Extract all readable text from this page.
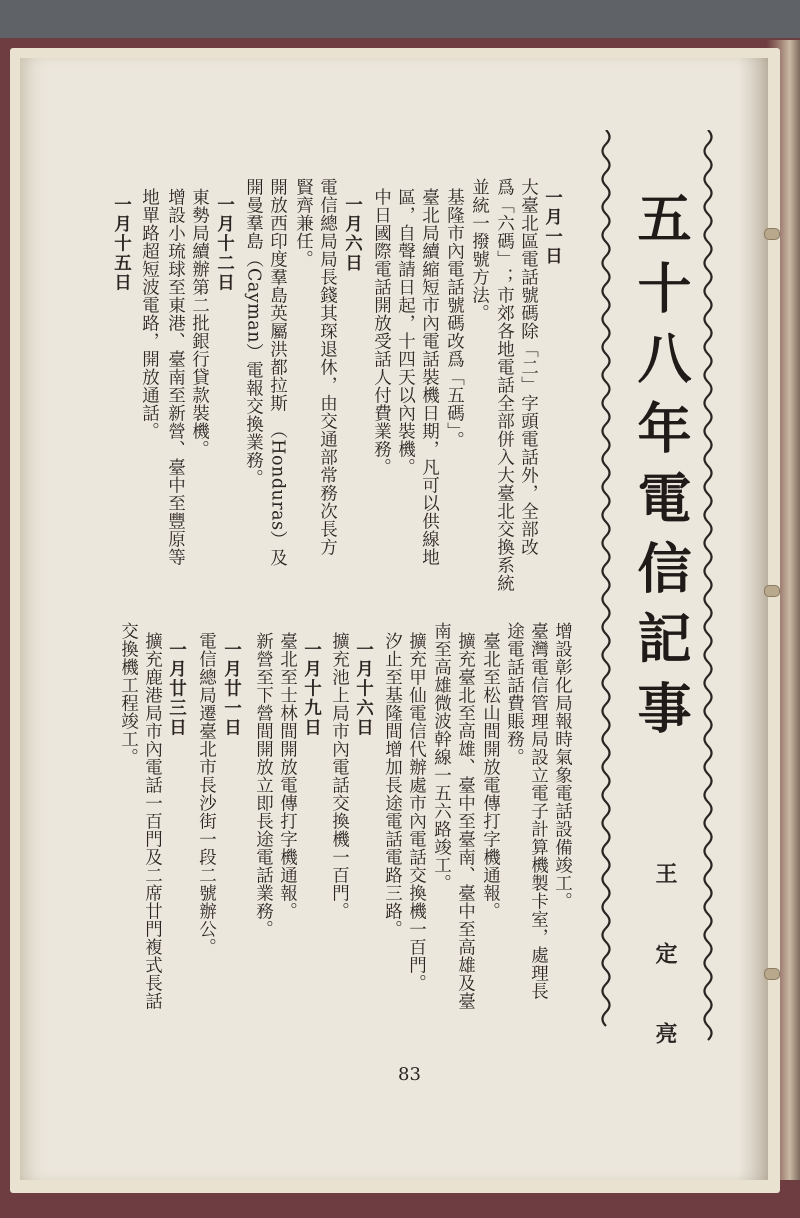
五十八年電信記事
王　定　亮
83
一月一日
大臺北區電話號碼除「二」字頭電話外，全部改
爲「六碼」；市郊各地電話全部併入大臺北交換系統
並統一撥號方法。
基隆市內電話號碼改爲「五碼」。
臺北局續縮短市內電話裝機日期，凡可以供線地
區，自聲請日起，十四天以內裝機。
中日國際電話開放受話人付費業務。
一月六日
電信總局局長錢其琛退休，由交通部常務次長方
賢齊兼任。
開放西印度羣島英屬洪都拉斯　（Honduras）及
開曼羣島（Cayman）電報交換業務。
一月十二日
東勢局續辦第二批銀行貸款裝機。
增設小琉球至東港、臺南至新營、臺中至豐原等
地單路超短波電路，開放通話。
一月十五日
增設彰化局報時氣象電話設備竣工。
臺灣電信管理局設立電子計算機製卡室，處理長
途電話話費賬務。
臺北至松山間開放電傳打字機通報。
擴充臺北至高雄、臺中至臺南、臺中至高雄及臺
南至高雄微波幹線一五六路竣工。
擴充甲仙電信代辦處市內電話交換機一百門。
汐止至基隆間增加長途電話電路三路。
一月十六日
擴充池上局市內電話交換機一百門。
一月十九日
臺北至士林間開放電傳打字機通報。
新營至下營間開放立即長途電話業務。
一月廿一日
電信總局遷臺北市長沙街一段二號辦公。
一月廿三日
擴充鹿港局市內電話一百門及二席廿門複式長話
交換機工程竣工。
